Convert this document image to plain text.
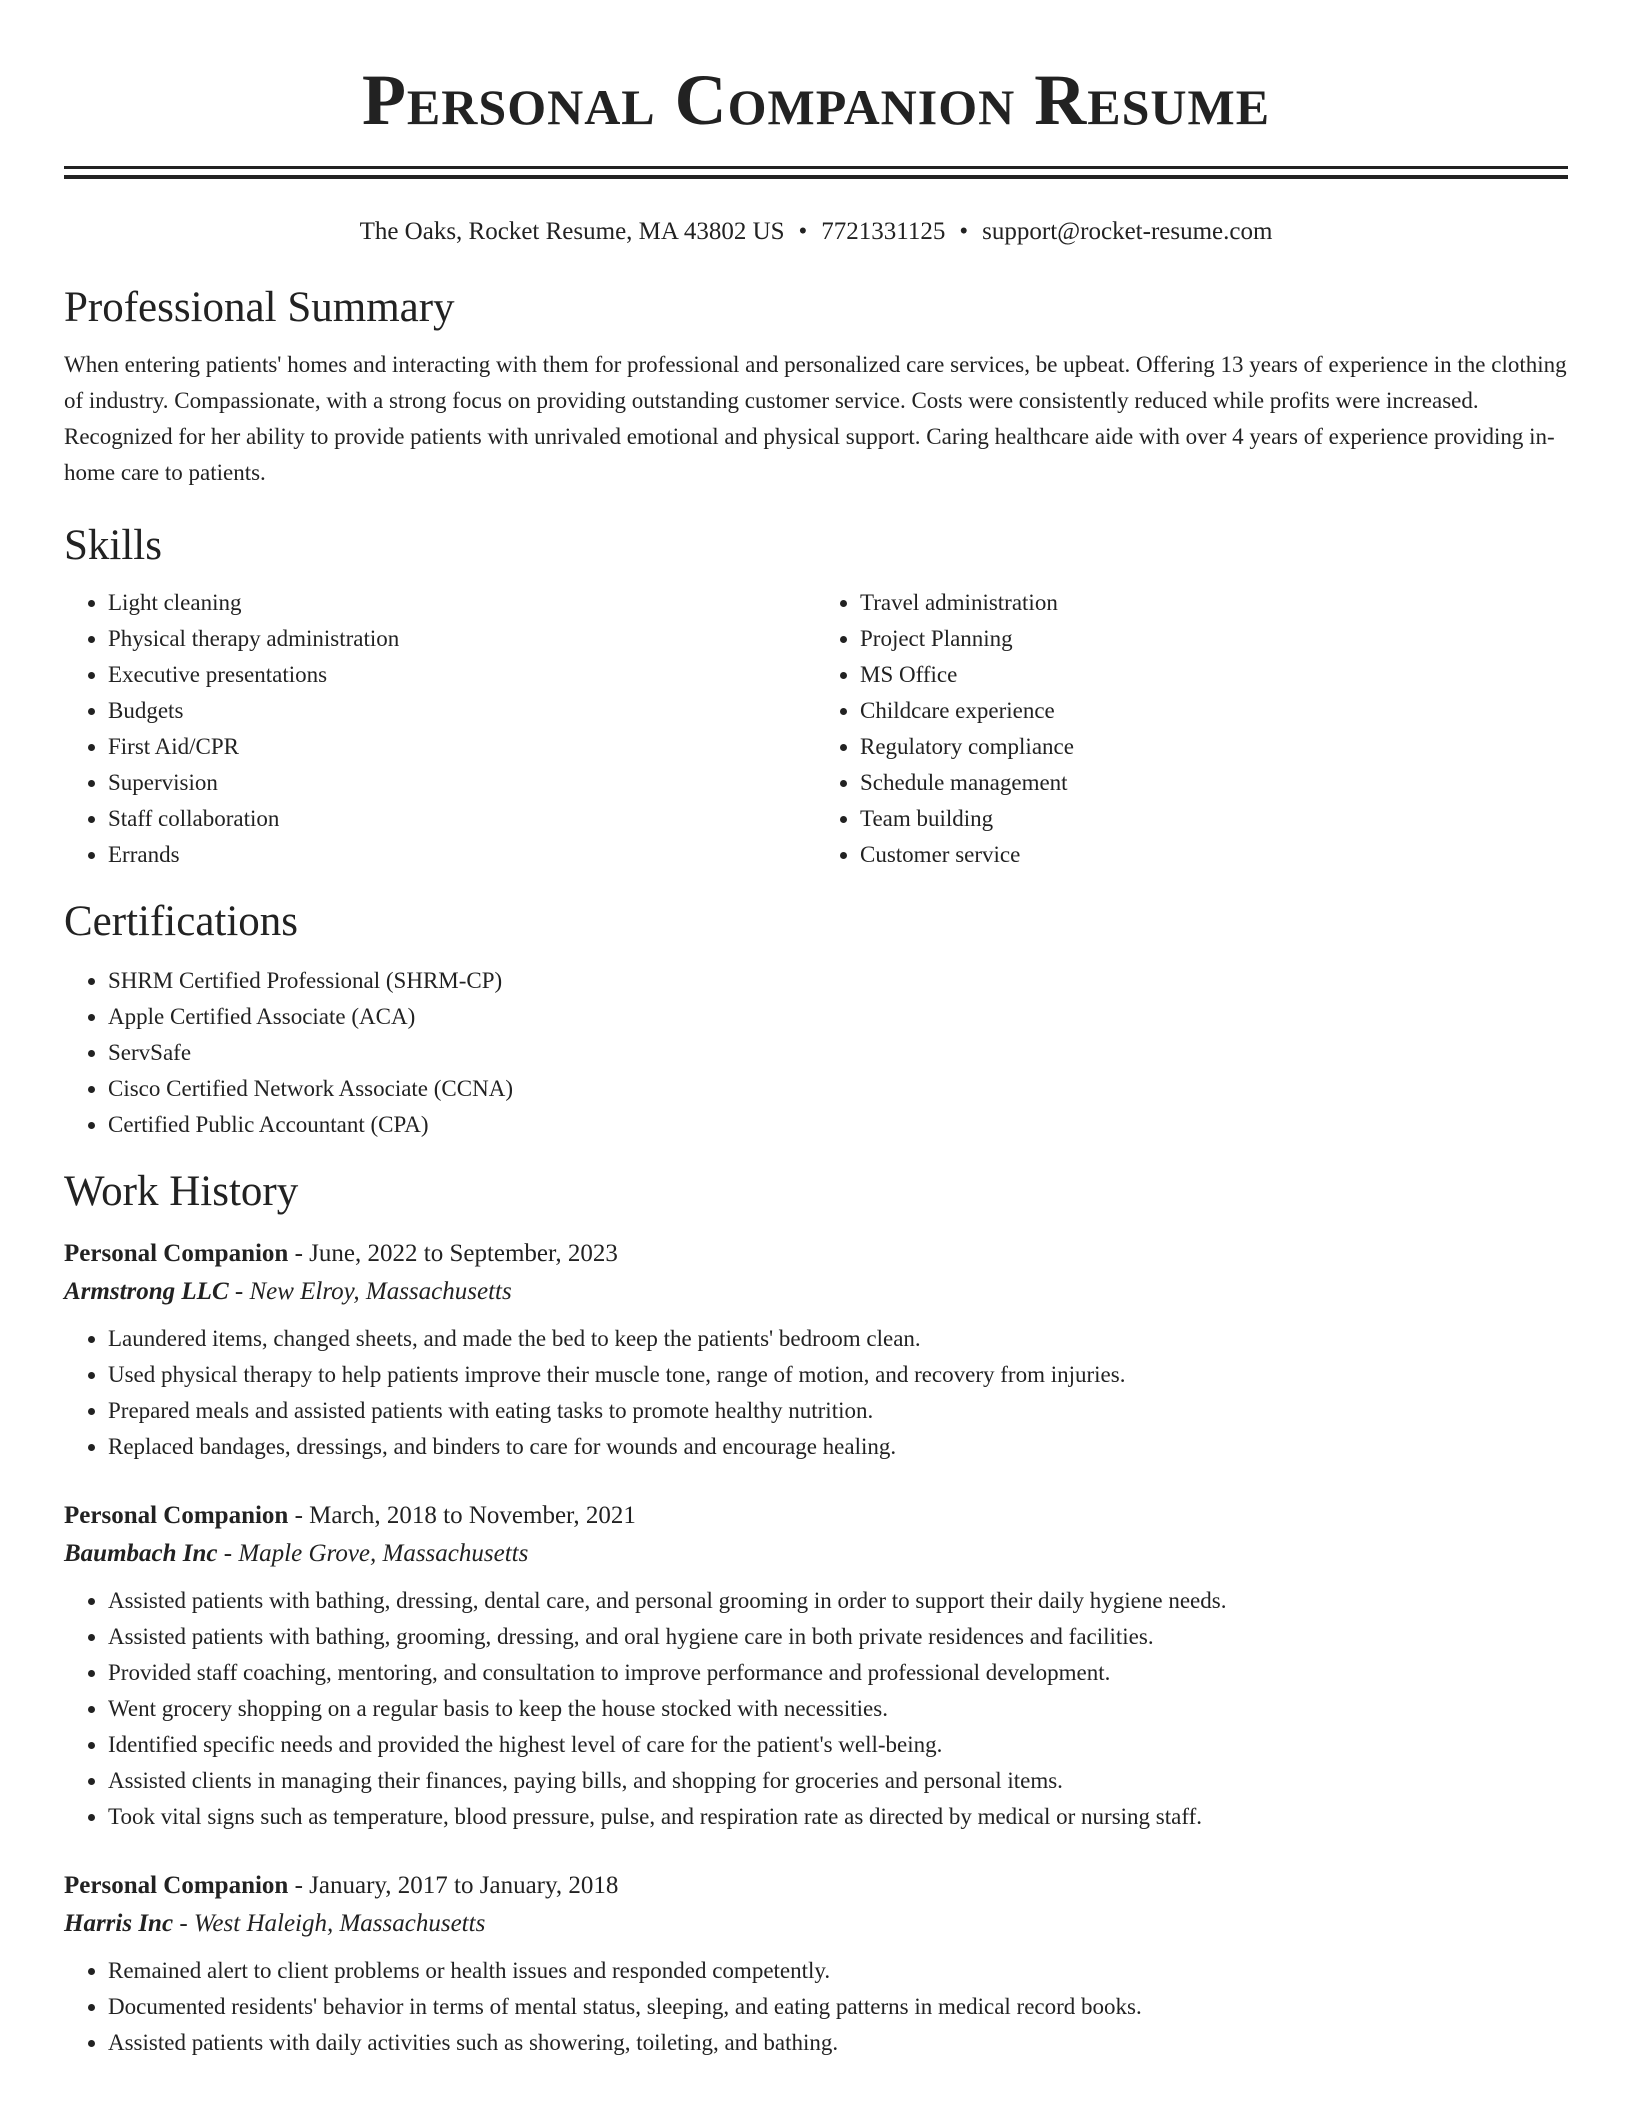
Personal Companion Resume
The Oaks, Rocket Resume, MA 43802 US • 7721331125 • support@rocket-resume.com
Professional Summary

When entering patients' homes and interacting with them for professional and personalized care services, be upbeat. Offering 13 years of experience in the clothing of industry. Compassionate, with a strong focus on providing outstanding customer service. Costs were consistently reduced while profits were increased. Recognized for her ability to provide patients with unrivaled emotional and physical support. Caring healthcare aide with over 4 years of experience providing in-home care to patients.

Skills
• Light cleaning
• Physical therapy administration
• Executive presentations
• Budgets
• First Aid/CPR
• Supervision
• Staff collaboration
• Errands
• Travel administration
• Project Planning
• MS Office
• Childcare experience
• Regulatory compliance
• Schedule management
• Team building
• Customer service
Certifications
• SHRM Certified Professional (SHRM-CP)
• Apple Certified Associate (ACA)
• ServSafe
• Cisco Certified Network Associate (CCNA)
• Certified Public Accountant (CPA)
Work History
Personal Companion - June, 2022 to September, 2023
Armstrong LLC - New Elroy, Massachusetts
• Laundered items, changed sheets, and made the bed to keep the patients' bedroom clean.
• Used physical therapy to help patients improve their muscle tone, range of motion, and recovery from injuries.
• Prepared meals and assisted patients with eating tasks to promote healthy nutrition.
• Replaced bandages, dressings, and binders to care for wounds and encourage healing.
Personal Companion - March, 2018 to November, 2021
Baumbach Inc - Maple Grove, Massachusetts
• Assisted patients with bathing, dressing, dental care, and personal grooming in order to support their daily hygiene needs.
• Assisted patients with bathing, grooming, dressing, and oral hygiene care in both private residences and facilities.
• Provided staff coaching, mentoring, and consultation to improve performance and professional development.
• Went grocery shopping on a regular basis to keep the house stocked with necessities.
• Identified specific needs and provided the highest level of care for the patient's well-being.
• Assisted clients in managing their finances, paying bills, and shopping for groceries and personal items.
• Took vital signs such as temperature, blood pressure, pulse, and respiration rate as directed by medical or nursing staff.
Personal Companion - January, 2017 to January, 2018
Harris Inc - West Haleigh, Massachusetts
• Remained alert to client problems or health issues and responded competently.
• Documented residents' behavior in terms of mental status, sleeping, and eating patterns in medical record books.
• Assisted patients with daily activities such as showering, toileting, and bathing.
